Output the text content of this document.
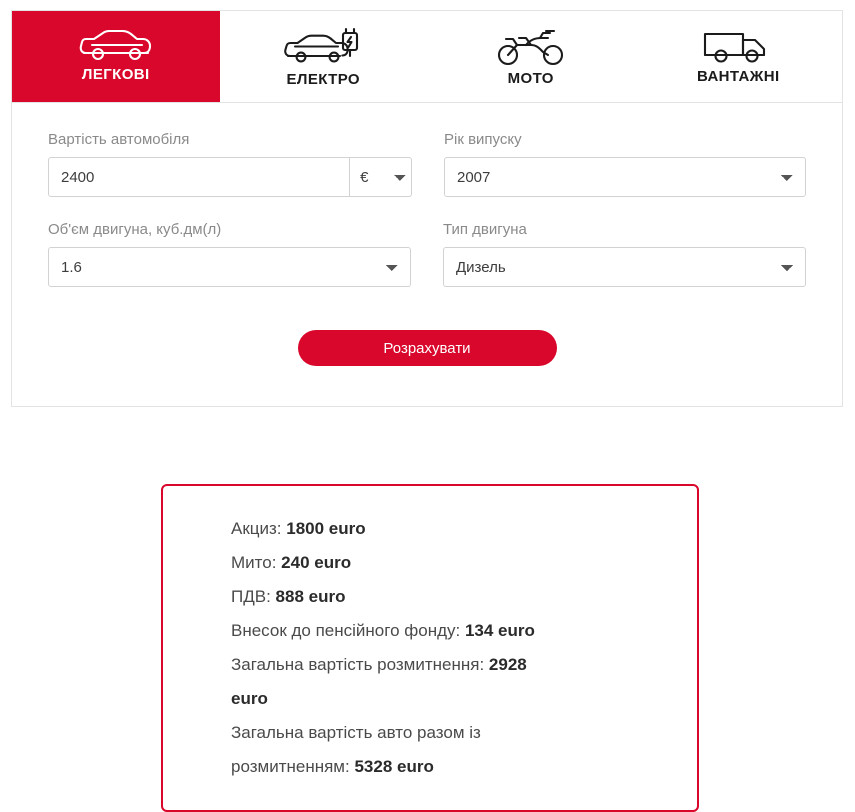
ЛЕГКОВІ	ЕЛЕКТРО	МОТО	ВАНТАЖНІ
Вартість автомобіля
2400
€	Рік випуску
2007
Об'єм двигуна, куб.дм(л)
1.6	Тип двигуна
Дизель
Розрахувати
Акциз: 1800 euro
Мито: 240 euro
ПДВ: 888 euro
Внесок до пенсійного фонду: 134 euro
Загальна вартість розмитнення: 2928 euro
Загальна вартість авто разом із розмитненням: 5328 euro
